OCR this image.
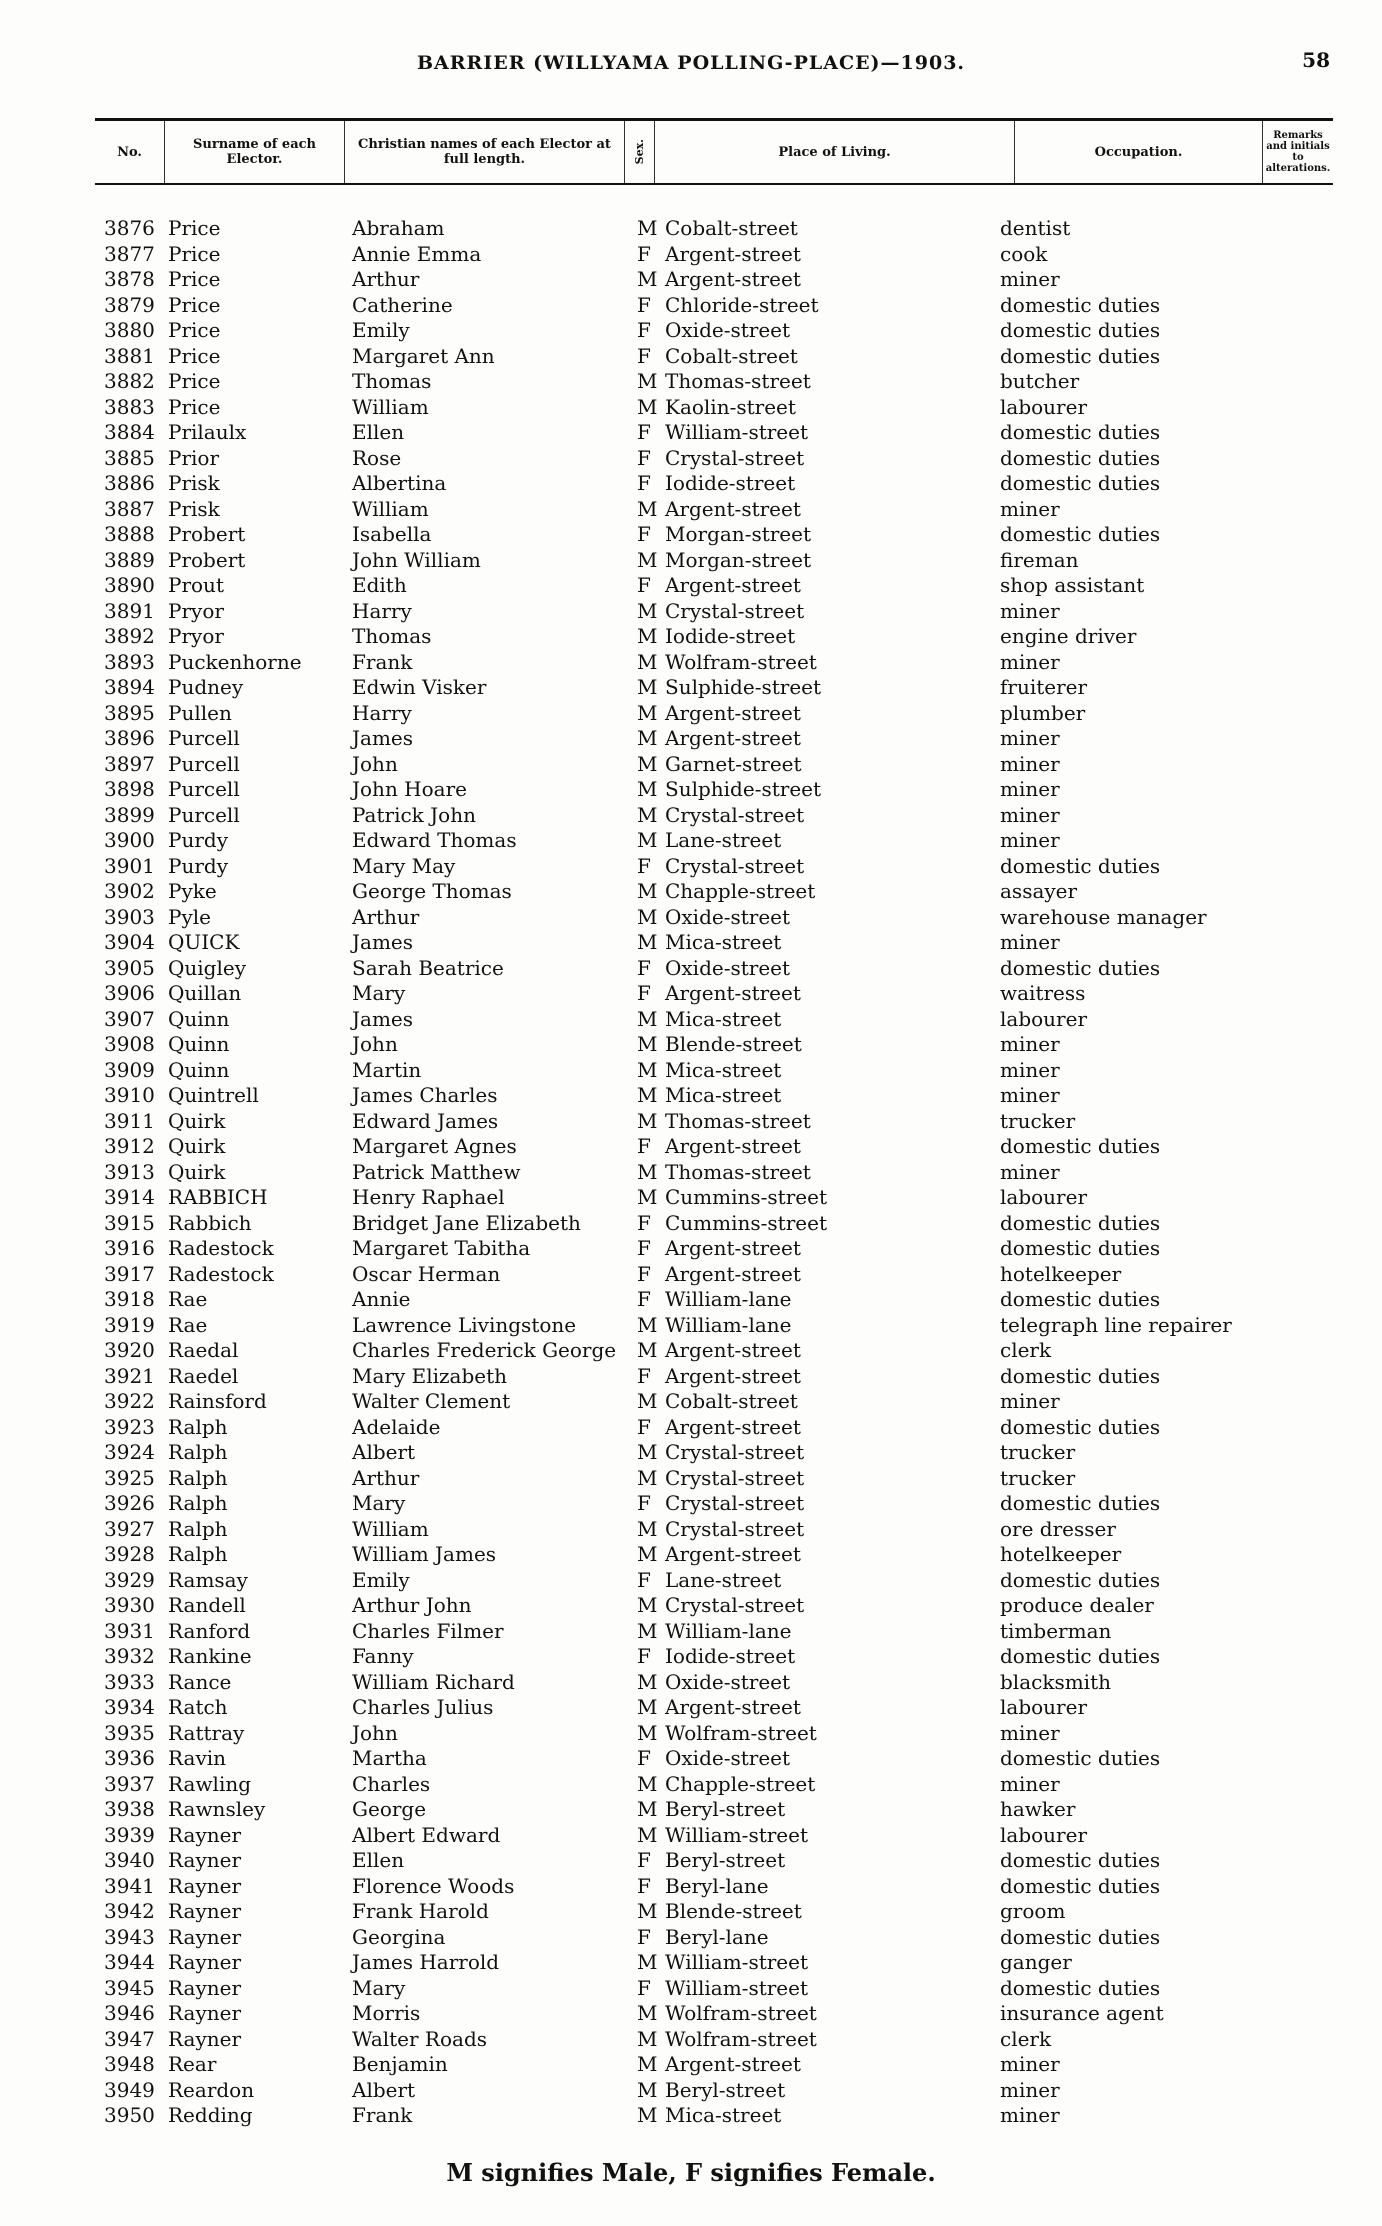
BARRIER (WILLYAMA POLLING-PLACE)—1903.	58
No.	Surname of each Elector.
Christian names of each Elector at full length.	Sex.	Place of Living.	Occupation.
Remarks and initials to alterations.
3876 Price	Abraham	M Cobalt-street	dentist
3877 Price	Annie Emma	F Argent-street	cook
3878 Price	Arthur	M Argent-street	miner
3879 Price	Catherine	F Chloride-street	domestic duties
3880 Price	Emily	F Oxide-street	domestic duties
3881 Price	Margaret Ann	F Cobalt-street	domestic duties
3882 Price	Thomas	M Thomas-street	butcher
3883 Price	William	M Kaolin-street	labourer
3884 Prilaulx	Ellen	F William-street	domestic duties
3885 Prior	Rose	F Crystal-street	domestic duties
3886 Prisk	Albertina	F Iodide-street	domestic duties
3887 Prisk	William	M Argent-street	miner
3888 Probert	Isabella	F Morgan-street	domestic duties
3889 Probert	John William	M Morgan-street	fireman
3890 Prout	Edith	F Argent-street	shop assistant
3891 Pryor	Harry	M Crystal-street	miner
3892 Pryor	Thomas	M Iodide-street	engine driver
3893 Puckenhorne	Frank	M Wolfram-street	miner
3894 Pudney	Edwin Visker	M Sulphide-street	fruiterer
3895 Pullen	Harry	M Argent-street	plumber
3896 Purcell	James	M Argent-street	miner
3897 Purcell	John	M Garnet-street	miner
3898 Purcell	John Hoare	M Sulphide-street	miner
3899 Purcell	Patrick John	M Crystal-street	miner
3900 Purdy	Edward Thomas	M Lane-street	miner
3901 Purdy	Mary May	F Crystal-street	domestic duties
3902 Pyke	George Thomas	M Chapple-street	assayer
3903 Pyle	Arthur	M Oxide-street	warehouse manager
3904 QUICK	James	M Mica-street	miner
3905 Quigley	Sarah Beatrice	F Oxide-street	domestic duties
3906 Quillan	Mary	F Argent-street	waitress
3907 Quinn	James	M Mica-street	labourer
3908 Quinn	John	M Blende-street	miner
3909 Quinn	Martin	M Mica-street	miner
3910 Quintrell	James Charles	M Mica-street	miner
3911 Quirk	Edward James	M Thomas-street	trucker
3912 Quirk	Margaret Agnes	F Argent-street	domestic duties
3913 Quirk	Patrick Matthew	M Thomas-street	miner
3914 RABBICH	Henry Raphael	M Cummins-street	labourer
3915 Rabbich	Bridget Jane Elizabeth	F Cummins-street	domestic duties
3916 Radestock	Margaret Tabitha	F Argent-street	domestic duties
3917 Radestock	Oscar Herman	F Argent-street	hotelkeeper
3918 Rae	Annie	F William-lane	domestic duties
3919 Rae	Lawrence Livingstone	M William-lane	telegraph line repairer
3920 Raedal	Charles Frederick George	M Argent-street	clerk
3921 Raedel	Mary Elizabeth	F Argent-street	domestic duties
3922 Rainsford	Walter Clement	M Cobalt-street	miner
3923 Ralph	Adelaide	F Argent-street	domestic duties
3924 Ralph	Albert	M Crystal-street	trucker
3925 Ralph	Arthur	M Crystal-street	trucker
3926 Ralph	Mary	F Crystal-street	domestic duties
3927 Ralph	William	M Crystal-street	ore dresser
3928 Ralph	William James	M Argent-street	hotelkeeper
3929 Ramsay	Emily	F Lane-street	domestic duties
3930 Randell	Arthur John	M Crystal-street	produce dealer
3931 Ranford	Charles Filmer	M William-lane	timberman
3932 Rankine	Fanny	F Iodide-street	domestic duties
3933 Rance	William Richard	M Oxide-street	blacksmith
3934 Ratch	Charles Julius	M Argent-street	labourer
3935 Rattray	John	M Wolfram-street	miner
3936 Ravin	Martha	F Oxide-street	domestic duties
3937 Rawling	Charles	M Chapple-street	miner
3938 Rawnsley	George	M Beryl-street	hawker
3939 Rayner	Albert Edward	M William-street	labourer
3940 Rayner	Ellen	F Beryl-street	domestic duties
3941 Rayner	Florence Woods	F Beryl-lane	domestic duties
3942 Rayner	Frank Harold	M Blende-street	groom
3943 Rayner	Georgina	F Beryl-lane	domestic duties
3944 Rayner	James Harrold	M William-street	ganger
3945 Rayner	Mary	F William-street	domestic duties
3946 Rayner	Morris	M Wolfram-street	insurance agent
3947 Rayner	Walter Roads	M Wolfram-street	clerk
3948 Rear	Benjamin	M Argent-street	miner
3949 Reardon	Albert	M Beryl-street	miner
3950 Redding	Frank	M Mica-street	miner
M signifies Male, F signifies Female.
